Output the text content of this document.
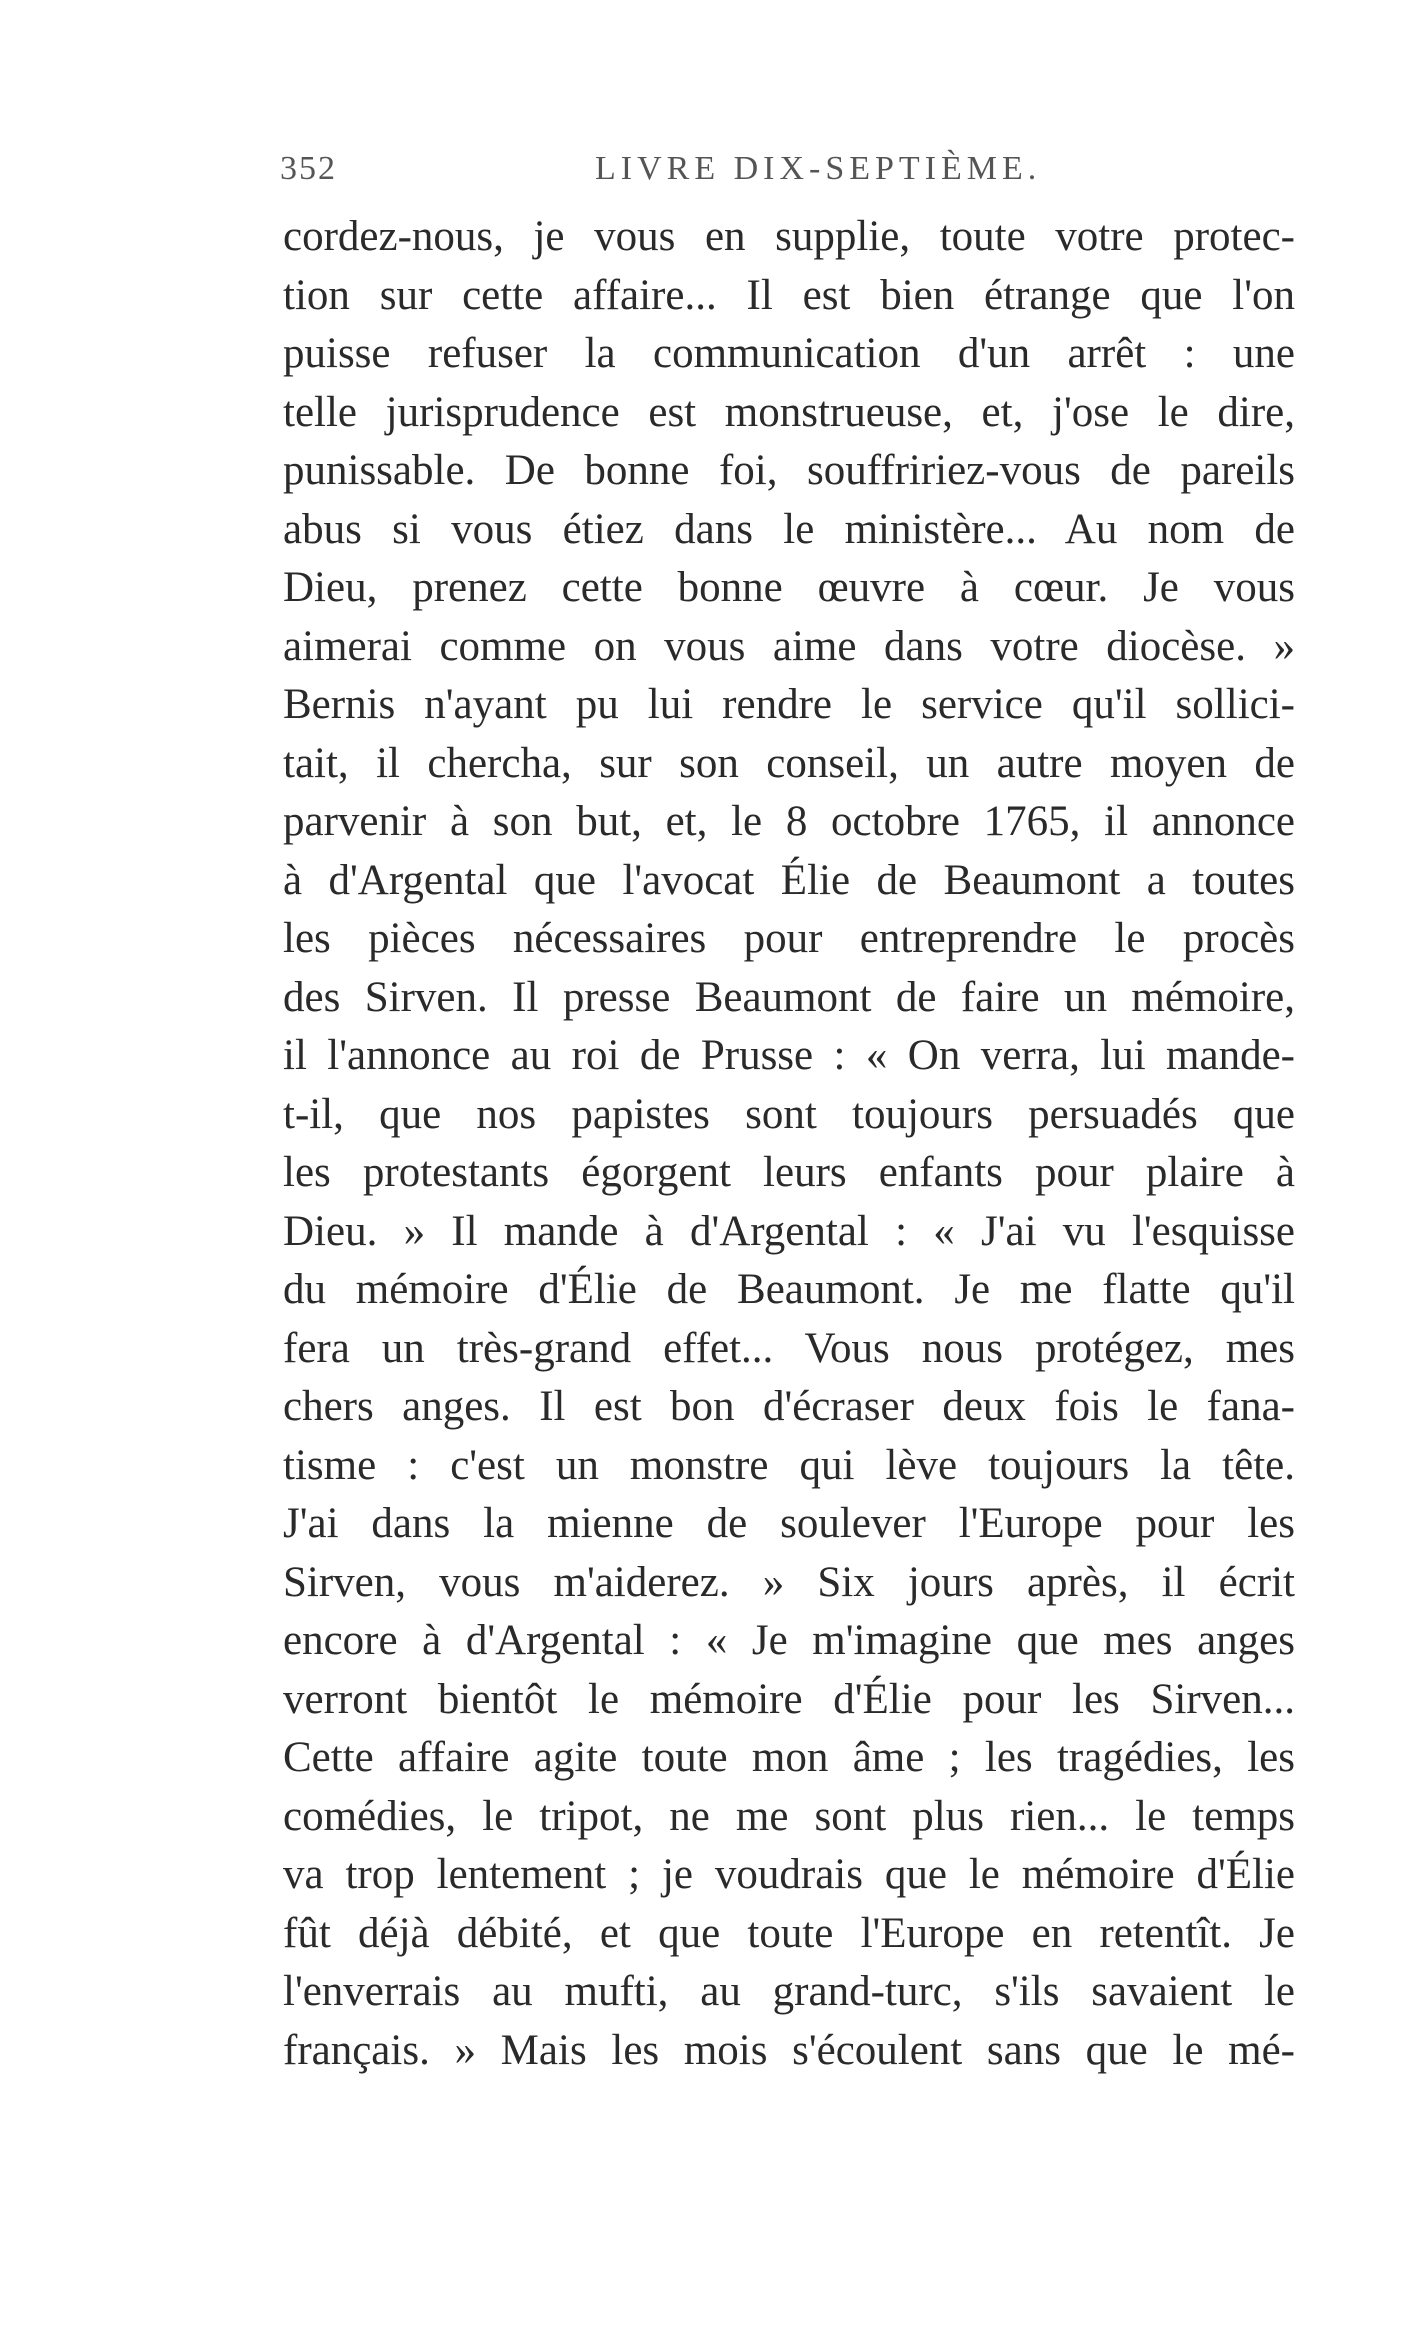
352	LIVRE DIX-SEPTIÈME.
cordez-nous, je vous en supplie, toute votre protec-
tion sur cette affaire... Il est bien étrange que l'on
puisse refuser la communication d'un arrêt : une
telle jurisprudence est monstrueuse, et, j'ose le dire,
punissable. De bonne foi, souffririez-vous de pareils
abus si vous étiez dans le ministère... Au nom de
Dieu, prenez cette bonne œuvre à cœur. Je vous
aimerai comme on vous aime dans votre diocèse. »
Bernis n'ayant pu lui rendre le service qu'il sollici-
tait, il chercha, sur son conseil, un autre moyen de
parvenir à son but, et, le 8 octobre 1765, il annonce
à d'Argental que l'avocat Élie de Beaumont a toutes
les pièces nécessaires pour entreprendre le procès
des Sirven. Il presse Beaumont de faire un mémoire,
il l'annonce au roi de Prusse : « On verra, lui mande-
t-il, que nos papistes sont toujours persuadés que
les protestants égorgent leurs enfants pour plaire à
Dieu. » Il mande à d'Argental : « J'ai vu l'esquisse
du mémoire d'Élie de Beaumont. Je me flatte qu'il
fera un très-grand effet... Vous nous protégez, mes
chers anges. Il est bon d'écraser deux fois le fana-
tisme : c'est un monstre qui lève toujours la tête.
J'ai dans la mienne de soulever l'Europe pour les
Sirven, vous m'aiderez. » Six jours après, il écrit
encore à d'Argental : « Je m'imagine que mes anges
verront bientôt le mémoire d'Élie pour les Sirven...
Cette affaire agite toute mon âme ; les tragédies, les
comédies, le tripot, ne me sont plus rien... le temps
va trop lentement ; je voudrais que le mémoire d'Élie
fût déjà débité, et que toute l'Europe en retentît. Je
l'enverrais au mufti, au grand-turc, s'ils savaient le
français. » Mais les mois s'écoulent sans que le mé-
